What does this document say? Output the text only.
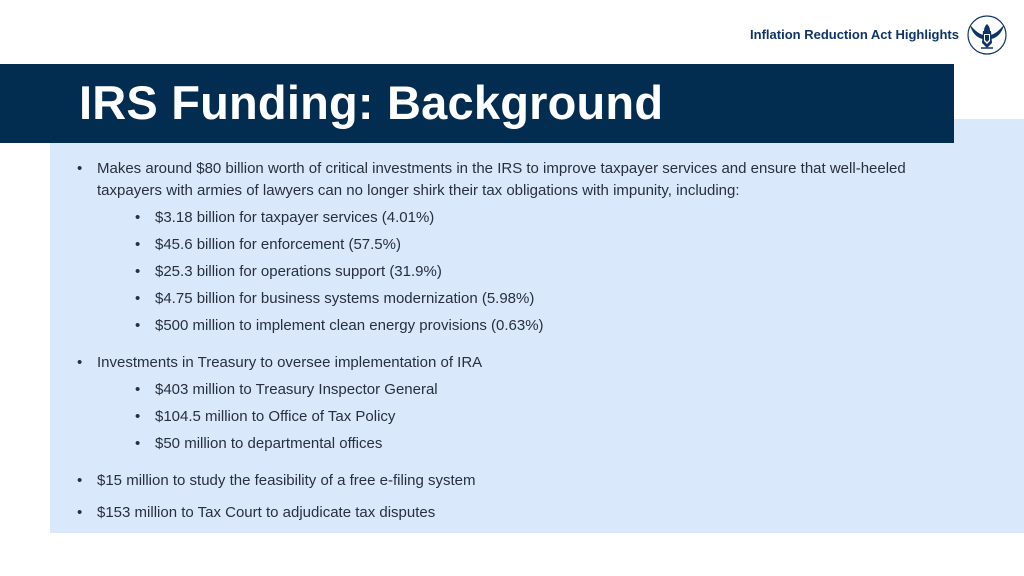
IRS Funding: Background
Inflation Reduction Act Highlights
• Makes around $80 billion worth of critical investments in the IRS to improve taxpayer services and ensure that well-heeled taxpayers with armies of lawyers can no longer shirk their tax obligations with impunity, including:
• $3.18 billion for taxpayer services (4.01%)
• $45.6 billion for enforcement (57.5%)
• $25.3 billion for operations support (31.9%)
• $4.75 billion for business systems modernization (5.98%)
• $500 million to implement clean energy provisions (0.63%)
• Investments in Treasury to oversee implementation of IRA
• $403 million to Treasury Inspector General
• $104.5 million to Office of Tax Policy
• $50 million to departmental offices
• $15 million to study the feasibility of a free e-filing system
• $153 million to Tax Court to adjudicate tax disputes
